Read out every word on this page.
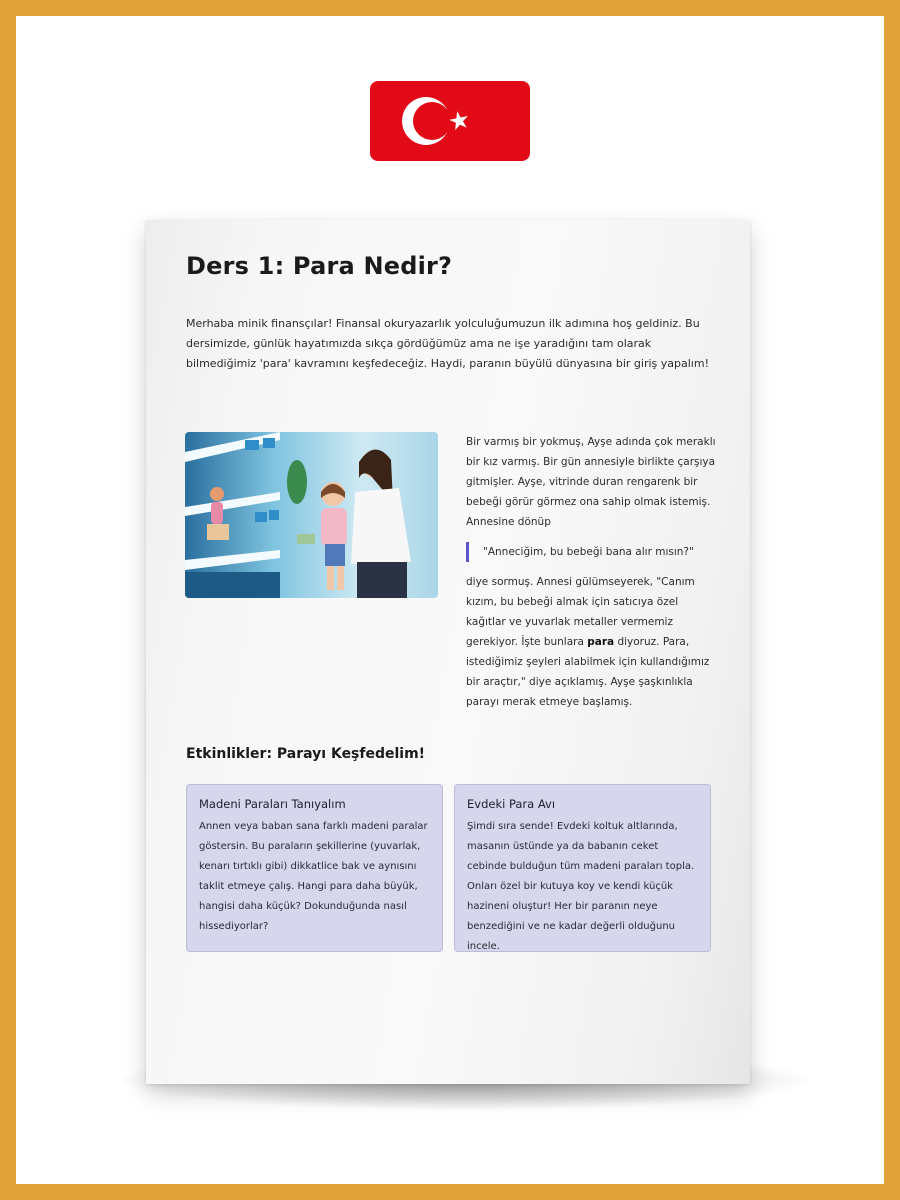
Ders 1: Para Nedir?
Merhaba minik finansçılar! Finansal okuryazarlık yolculuğumuzun ilk adımına hoş geldiniz. Bu dersimizde, günlük hayatımızda sıkça gördüğümüz ama ne işe yaradığını tam olarak bilmediğimiz 'para' kavramını keşfedeceğiz. Haydi, paranın büyülü dünyasına bir giriş yapalım!

Bir varmış bir yokmuş, Ayşe adında çok meraklı bir kız varmış. Bir gün annesiyle birlikte çarşıya gitmişler. Ayşe, vitrinde duran rengarenk bir bebeği görür görmez ona sahip olmak istemiş. Annesine dönüp

"Anneciğim, bu bebeği bana alır mısın?"

diye sormuş. Annesi gülümseyerek, "Canım kızım, bu bebeği almak için satıcıya özel kağıtlar ve yuvarlak metaller vermemiz gerekiyor. İşte bunlara para diyoruz. Para, istediğimiz şeyleri alabilmek için kullandığımız bir araçtır," diye açıklamış. Ayşe şaşkınlıkla parayı merak etmeye başlamış.

Etkinlikler: Parayı Keşfedelim!
Madeni Paraları Tanıyalım

Annen veya baban sana farklı madeni paralar göstersin. Bu paraların şekillerine (yuvarlak, kenarı tırtıklı gibi) dikkatlice bak ve aynısını taklit etmeye çalış. Hangi para daha büyük, hangisi daha küçük? Dokunduğunda nasıl hissediyorlar?

Evdeki Para Avı

Şimdi sıra sende! Evdeki koltuk altlarında, masanın üstünde ya da babanın ceket cebinde bulduğun tüm madeni paraları topla. Onları özel bir kutuya koy ve kendi küçük hazineni oluştur! Her bir paranın neye benzediğini ve ne kadar değerli olduğunu incele.
